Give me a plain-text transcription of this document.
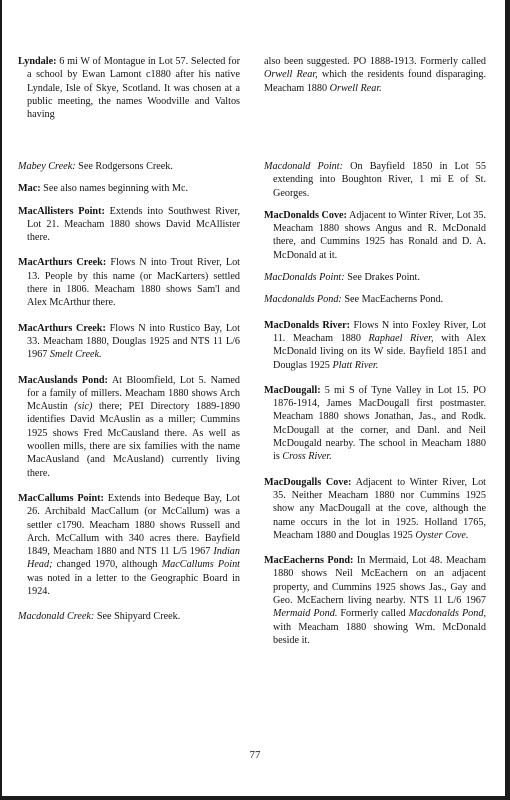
Lyndale: 6 mi W of Montague in Lot 57. Selected for a school by Ewan Lamont c1880 after his native Lyndale, Isle of Skye, Scotland. It was chosen at a public meeting, the names Woodville and Valtos having

also been suggested. PO 1888-1913. Formerly called Orwell Rear, which the residents found disparaging. Meacham 1880 Orwell Rear.

Mabey Creek: See Rodgersons Creek.

Mac: See also names beginning with Mc.

MacAllisters Point: Extends into Southwest River, Lot 21. Meacham 1880 shows David McAllister there.

MacArthurs Creek: Flows N into Trout River, Lot 13. People by this name (or MacKarters) settled there in 1806. Meacham 1880 shows Sam'l and Alex McArthur there.

MacArthurs Creek: Flows N into Rustico Bay, Lot 33. Meacham 1880, Douglas 1925 and NTS 11 L/6 1967 Smelt Creek.

MacAuslands Pond: At Bloomfield, Lot 5. Named for a family of millers. Meacham 1880 shows Arch McAustin (sic) there; PEI Directory 1889-1890 identifies David McAuslin as a miller; Cummins 1925 shows Fred McCausland there. As well as woollen mills, there are six families with the name MacAusland (and McAusland) currently living there.

MacCallums Point: Extends into Bedeque Bay, Lot 26. Archibald MacCallum (or McCallum) was a settler c1790. Meacham 1880 shows Russell and Arch. McCallum with 340 acres there. Bayfield 1849, Meacham 1880 and NTS 11 L/5 1967 Indian Head; changed 1970, although MacCallums Point was noted in a letter to the Geographic Board in 1924.

Macdonald Creek: See Shipyard Creek.

Macdonald Point: On Bayfield 1850 in Lot 55 extending into Boughton River, 1 mi E of St. Georges.

MacDonalds Cove: Adjacent to Winter River, Lot 35. Meacham 1880 shows Angus and R. McDonald there, and Cummins 1925 has Ronald and D. A. McDonald at it.

MacDonalds Point: See Drakes Point.

Macdonalds Pond: See MacEacherns Pond.

MacDonalds River: Flows N into Foxley River, Lot 11. Meacham 1880 Raphael River, with Alex McDonald living on its W side. Bayfield 1851 and Douglas 1925 Platt River.

MacDougall: 5 mi S of Tyne Valley in Lot 15. PO 1876-1914, James MacDougall first postmaster. Meacham 1880 shows Jonathan, Jas., and Rodk. McDougall at the corner, and Danl. and Neil McDougald nearby. The school in Meacham 1880 is Cross River.

MacDougalls Cove: Adjacent to Winter River, Lot 35. Neither Meacham 1880 nor Cummins 1925 show any MacDougall at the cove, although the name occurs in the lot in 1925. Holland 1765, Meacham 1880 and Douglas 1925 Oyster Cove.

MacEacherns Pond: In Mermaid, Lot 48. Meacham 1880 shows Neil McEachern on an adjacent property, and Cummins 1925 shows Jas., Gay and Geo. McEachern living nearby. NTS 11 L/6 1967 Mermaid Pond. Formerly called Macdonalds Pond, with Meacham 1880 showing Wm. McDonald beside it.

77
